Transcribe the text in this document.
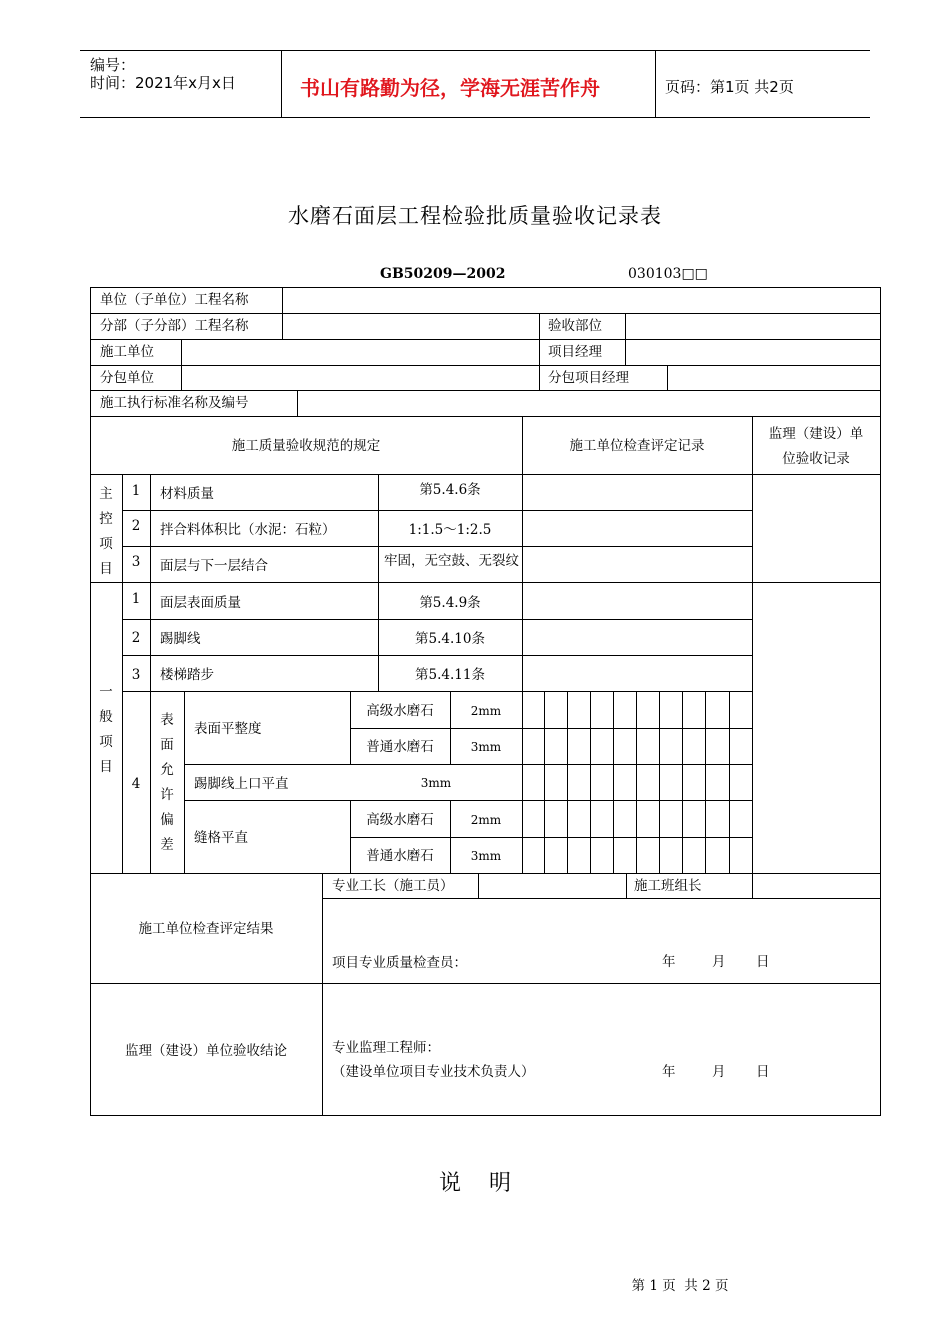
编号：
时间：2021年x月x日	书山有路勤为径，学海无涯苦作舟	页码：第1页 共2页
水磨石面层工程检验批质量验收记录表
GB50209—2002	030103□□
单位（子单位）工程名称
分部（子分部）工程名称	验收部位
施工单位	项目经理
分包单位	分包项目经理
施工执行标准名称及编号
施工质量验收规范的规定	施工单位检查评定记录
监理（建设）单
位验收记录
主控项目
1	材料质量	第5.4.6条
2	拌合料体积比（水泥：石粒）	1:1.5～1:2.5
3	面层与下一层结合	牢固，无空鼓、无裂纹
一般项目
1	面层表面质量	第5.4.9条
2	踢脚线	第5.4.10条
3	楼梯踏步	第5.4.11条
4
表面允许偏差
表面平整度
高级水磨石	2mm
普通水磨石	3mm
踢脚线上口平直	3mm
缝格平直
高级水磨石	2mm
普通水磨石	3mm
专业工长（施工员）	施工班组长
施工单位检查评定结果
项目专业质量检查员：	年	月 日
监理（建设）单位验收结论	专业监理工程师：
（建设单位项目专业技术负责人）	年	月 日
说    明
第 1 页  共 2 页
